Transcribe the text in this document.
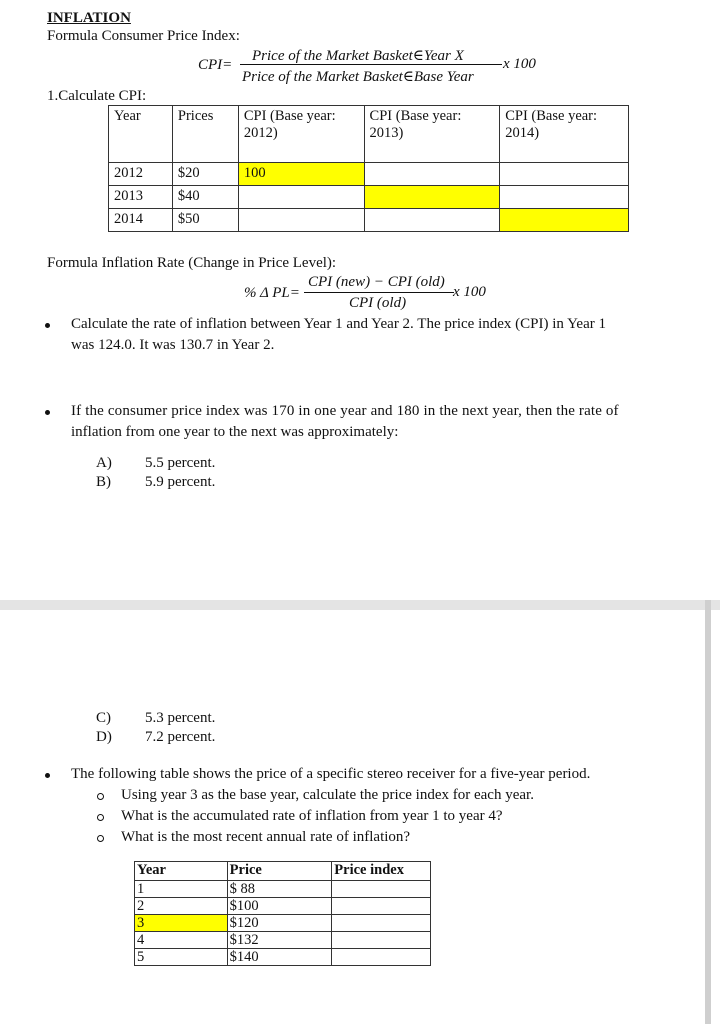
INFLATION
Formula Consumer Price Index:
CPI=
Price of the Market Basket∈Year X
Price of the Market Basket∈Base Year
x 100
1.Calculate CPI:
Year	Prices	CPI (Base year: 2012)	CPI (Base year: 2013)	CPI (Base year: 2014)
2012	$20	100		
2013	$40			
2014	$50			
Formula Inflation Rate (Change in Price Level):
% Δ PL=
CPI (new) − CPI (old)
CPI (old)
x 100
Calculate the rate of inflation between Year 1 and Year 2. The price index (CPI) in Year 1
was 124.0. It was 130.7 in Year 2.
If the consumer price index was 170 in one year and 180 in the next year, then the rate of
inflation from one year to the next was approximately:
A) 5.5 percent.
B) 5.9 percent.
C) 5.3 percent.
D) 7.2 percent.
The following table shows the price of a specific stereo receiver for a five-year period.
Using year 3 as the base year, calculate the price index for each year.
What is the accumulated rate of inflation from year 1 to year 4?
What is the most recent annual rate of inflation?
Year	Price	Price index
1	$ 88	
2	$100	
3	$120	
4	$132	
5	$140	
